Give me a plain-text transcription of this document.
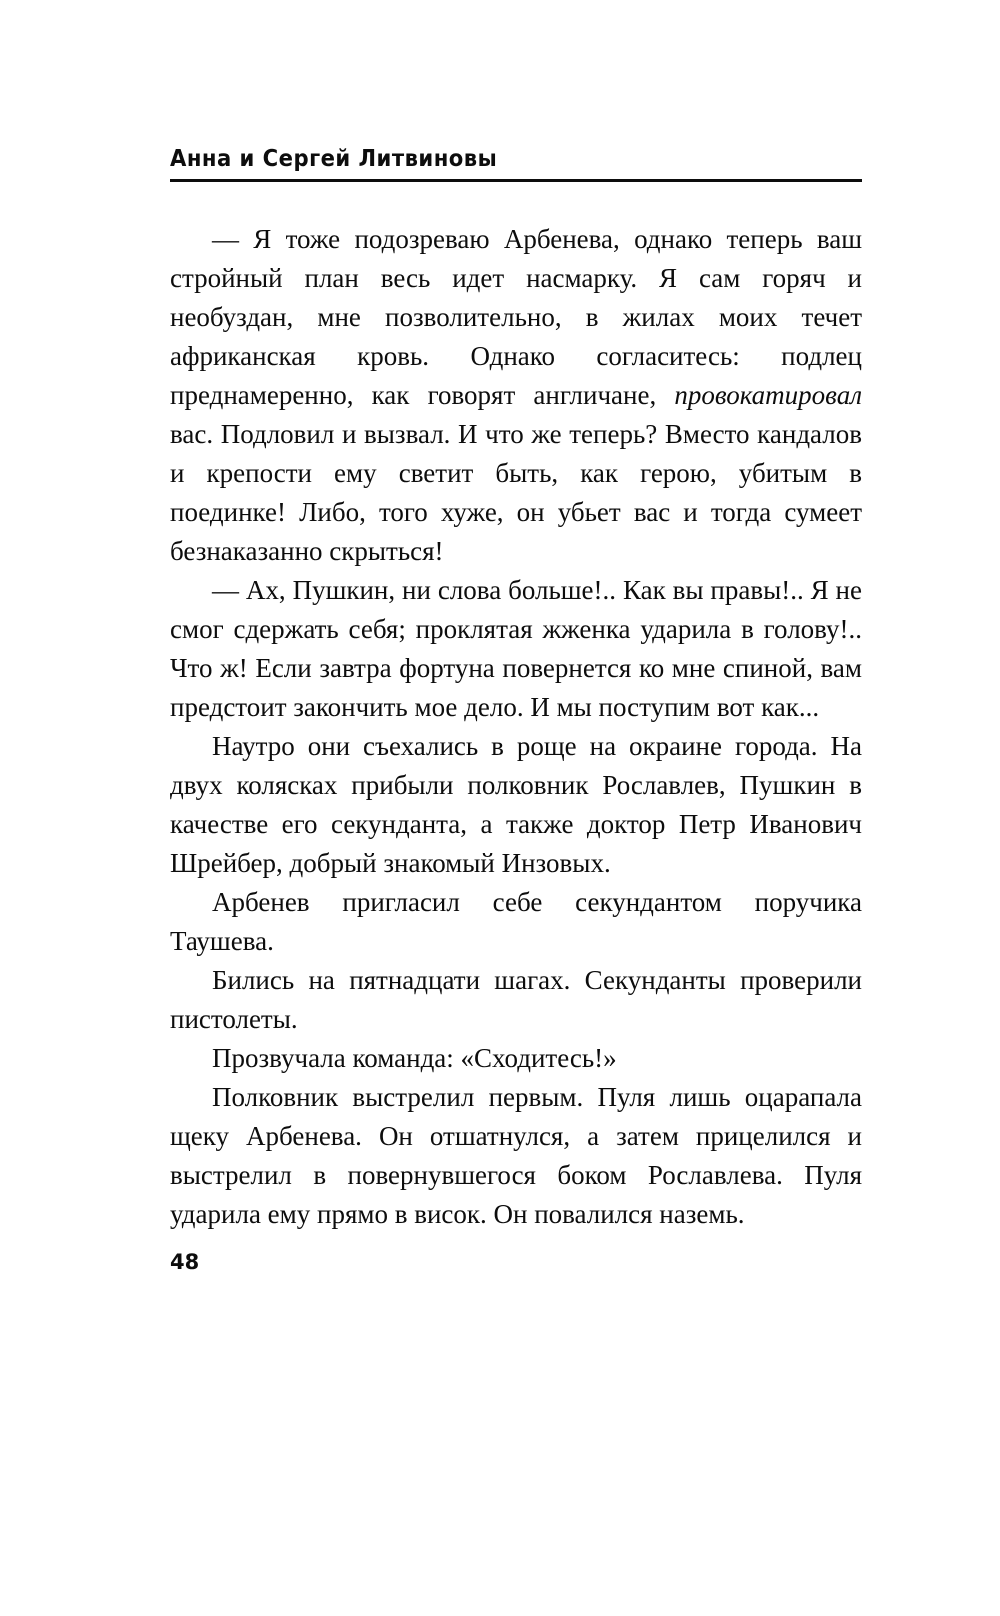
Анна и Сергей Литвиновы

— Я тоже подозреваю Арбенева, однако теперь ваш стройный план весь идет насмарку. Я сам горяч и необуздан, мне позволительно, в жилах моих течет африканская кровь. Однако согласитесь: подлец преднамеренно, как говорят англичане, провокатировал вас. Подловил и вызвал. И что же теперь? Вместо кандалов и крепости ему светит быть, как герою, убитым в поединке! Либо, того хуже, он убьет вас и тогда сумеет безнаказанно скрыться!

— Ах, Пушкин, ни слова больше!.. Как вы правы!.. Я не смог сдержать себя; проклятая жженка ударила в голову!.. Что ж! Если завтра фортуна повернется ко мне спиной, вам предстоит закончить мое дело. И мы поступим вот как...

Наутро они съехались в роще на окраине города. На двух колясках прибыли полковник Рославлев, Пушкин в качестве его секунданта, а также доктор Петр Иванович Шрейбер, добрый знакомый Инзовых.

Арбенев пригласил себе секундантом поручика Таушева.

Бились на пятнадцати шагах. Секунданты проверили пистолеты.

Прозвучала команда: «Сходитесь!»

Полковник выстрелил первым. Пуля лишь оцарапала щеку Арбенева. Он отшатнулся, а затем прицелился и выстрелил в повернувшегося боком Рославлева. Пуля ударила ему прямо в висок. Он повалился наземь.

48
